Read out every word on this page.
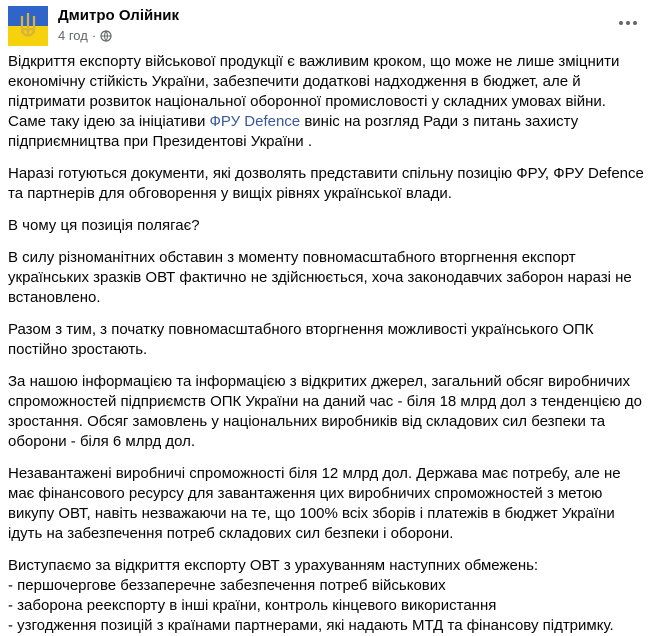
Дмитро Олійник
4 год ·

Відкриття експорту військової продукції є важливим кроком, що може не лише зміцнити економічну стійкість України, забезпечити додаткові надходження в бюджет, але й підтримати розвиток національної оборонної промисловості у складних умовах війни. Саме таку ідею за ініціативи ФРУ Defence виніс на розгляд Ради з питань захисту підприємництва при Президентові України .

Наразі готуються документи, які дозволять представити спільну позицію ФРУ, ФРУ Defence та партнерів для обговорення у вищіх рівнях української влади.

В чому ця позиція полягає?

В силу різноманітних обставин з моменту повномасштабного вторгнення експорт українських зразків ОВТ фактично не здійснюється, хоча законодавчих заборон наразі не встановлено.

Разом з тим, з початку повномасштабного вторгнення можливості українського ОПК постійно зростають.

За нашою інформацією та інформацією з відкритих джерел, загальний обсяг виробничих спроможностей підприємств ОПК України на даний час - біля 18 млрд дол з тенденцією до зростання. Обсяг замовлень у національних виробників від складових сил безпеки та оборони - біля 6 млрд дол.

Незавантажені виробничі спроможності біля 12 млрд дол. Держава має потребу, але не має фінансового ресурсу для завантаження цих виробничих спроможностей з метою викупу ОВТ, навіть незважаючи на те, що 100% всіх зборів і платежів в бюджет України ідуть на забезпечення потреб складових сил безпеки і оборони.

Виступаємо за відкриття експорту ОВТ з урахуванням наступних обмежень:

- першочергове беззаперечне забезпечення потреб військових

- заборона реекспорту в інші країни, контроль кінцевого використання

- узгодження позицій з країнами партнерами, які надають МТД та фінансову підтримку.
